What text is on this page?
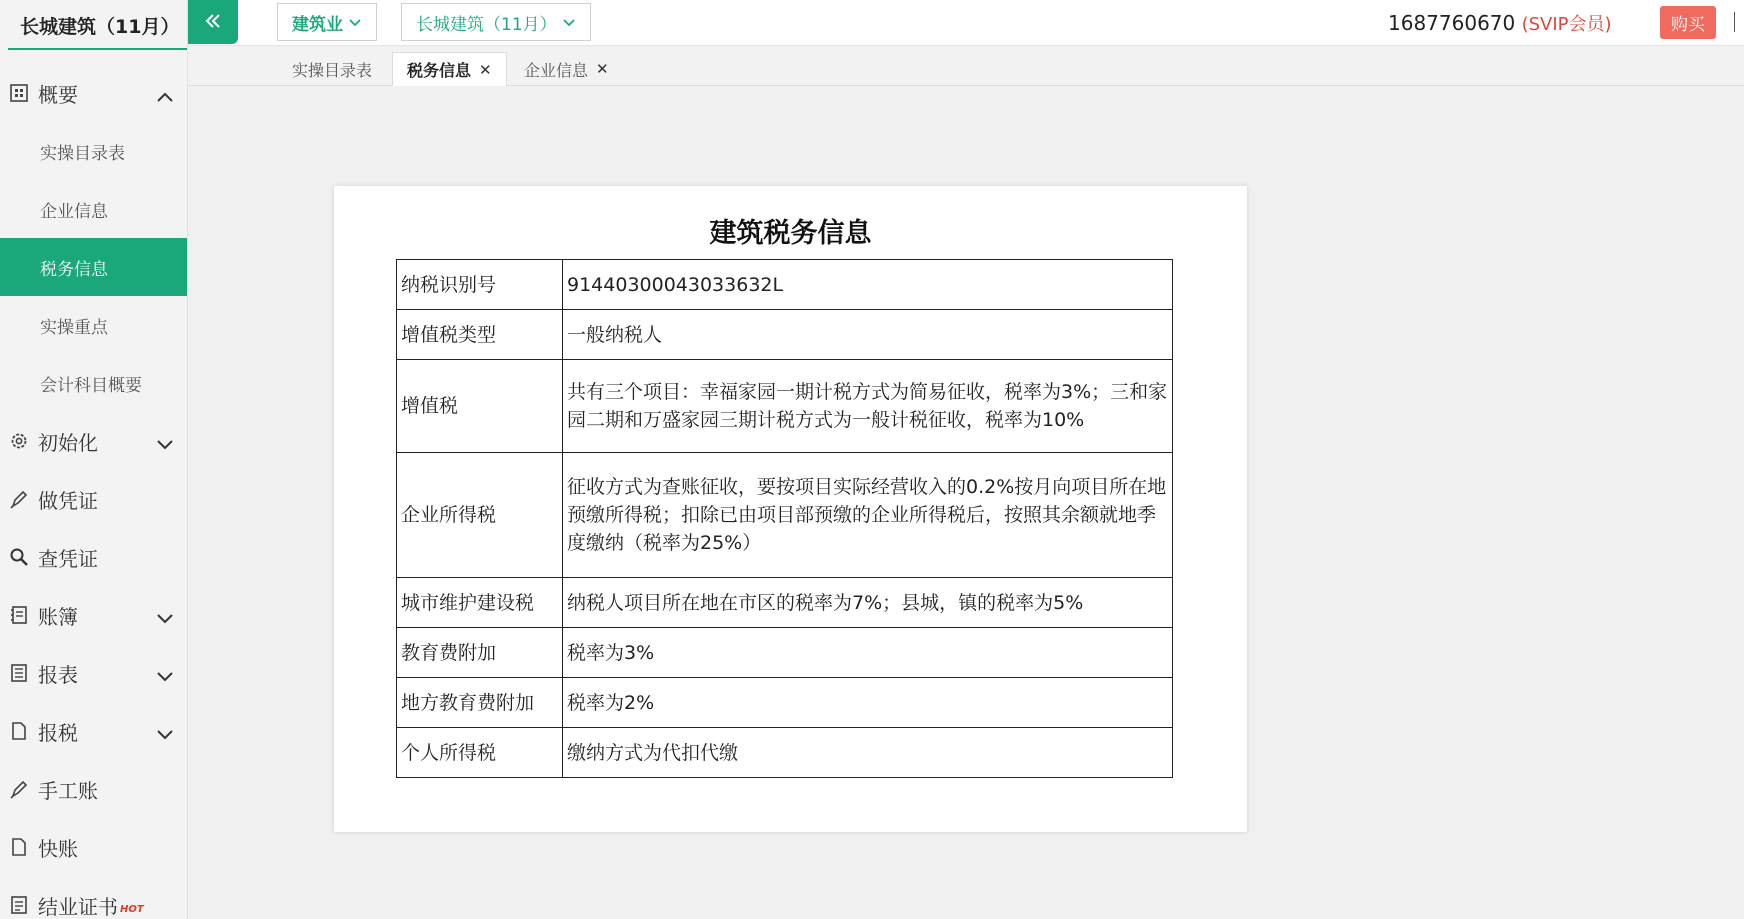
长城建筑（11月）
概要
实操目录表
企业信息
税务信息
实操重点
会计科目概要
初始化
做凭证
查凭证
账簿
报表
报税
手工账
快账
结业证书 HOT
建筑业	长城建筑（11月）	1687760670 (SVIP会员)	购买
实操目录表 税务信息 ✕ 企业信息 ✕
建筑税务信息
纳税识别号	91440300043033632L
增值税类型	一般纳税人
增值税	共有三个项目：幸福家园一期计税方式为简易征收，税率为3%；三和家园二期和万盛家园三期计税方式为一般计税征收，税率为10%
企业所得税	征收方式为查账征收，要按项目实际经营收入的0.2%按月向项目所在地预缴所得税；扣除已由项目部预缴的企业所得税后，按照其余额就地季度缴纳（税率为25%）
城市维护建设税	纳税人项目所在地在市区的税率为7%；县城，镇的税率为5%
教育费附加	税率为3%
地方教育费附加	税率为2%
个人所得税	缴纳方式为代扣代缴
